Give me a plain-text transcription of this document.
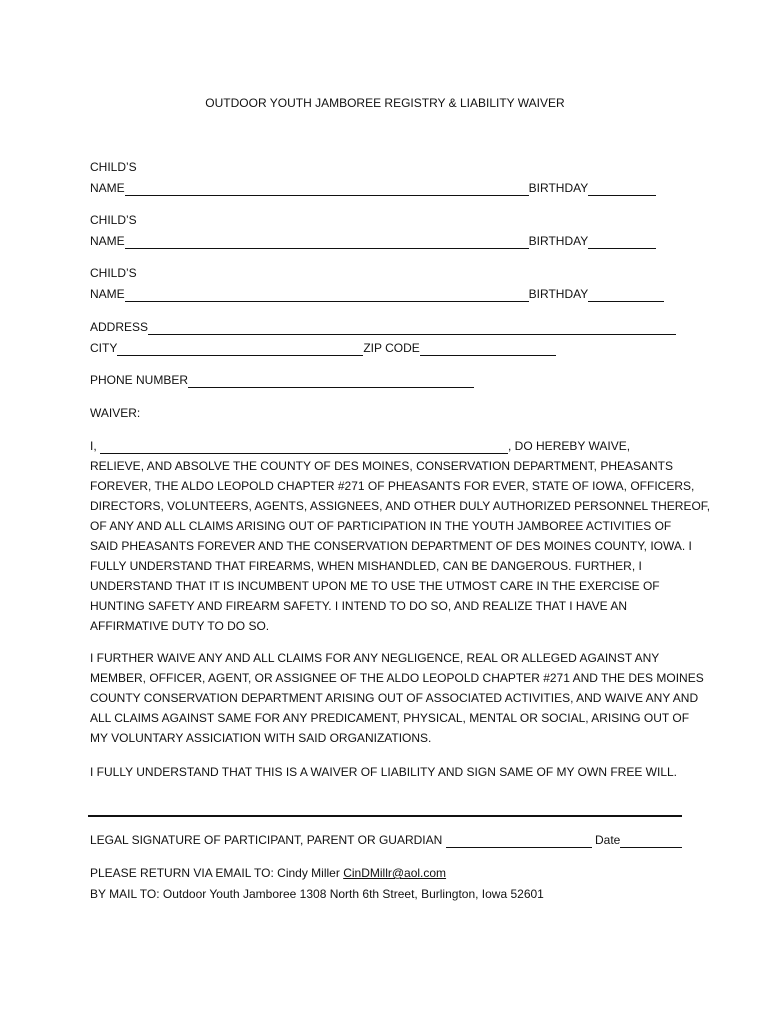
OUTDOOR YOUTH JAMBOREE REGISTRY & LIABILITY WAIVER
CHILD’S
NAME	BIRTHDAY
CHILD’S
NAME	BIRTHDAY
CHILD’S
NAME	BIRTHDAY
ADDRESS
CITY	ZIP CODE
PHONE NUMBER
WAIVER:
I,	, DO HEREBY WAIVE,
RELIEVE, AND ABSOLVE THE COUNTY OF DES MOINES, CONSERVATION DEPARTMENT, PHEASANTS
FOREVER, THE ALDO LEOPOLD CHAPTER #271 OF PHEASANTS FOR EVER, STATE OF IOWA, OFFICERS,
DIRECTORS, VOLUNTEERS, AGENTS, ASSIGNEES, AND OTHER DULY AUTHORIZED PERSONNEL THEREOF,
OF ANY AND ALL CLAIMS ARISING OUT OF PARTICIPATION IN THE YOUTH JAMBOREE ACTIVITIES OF
SAID PHEASANTS FOREVER AND THE CONSERVATION DEPARTMENT OF DES MOINES COUNTY, IOWA. I
FULLY UNDERSTAND THAT FIREARMS, WHEN MISHANDLED, CAN BE DANGEROUS. FURTHER, I
UNDERSTAND THAT IT IS INCUMBENT UPON ME TO USE THE UTMOST CARE IN THE EXERCISE OF
HUNTING SAFETY AND FIREARM SAFETY. I INTEND TO DO SO, AND REALIZE THAT I HAVE AN
AFFIRMATIVE DUTY TO DO SO.
I FURTHER WAIVE ANY AND ALL CLAIMS FOR ANY NEGLIGENCE, REAL OR ALLEGED AGAINST ANY
MEMBER, OFFICER, AGENT, OR ASSIGNEE OF THE ALDO LEOPOLD CHAPTER #271 AND THE DES MOINES
COUNTY CONSERVATION DEPARTMENT ARISING OUT OF ASSOCIATED ACTIVITIES, AND WAIVE ANY AND
ALL CLAIMS AGAINST SAME FOR ANY PREDICAMENT, PHYSICAL, MENTAL OR SOCIAL, ARISING OUT OF
MY VOLUNTARY ASSICIATION WITH SAID ORGANIZATIONS.
I FULLY UNDERSTAND THAT THIS IS A WAIVER OF LIABILITY AND SIGN SAME OF MY OWN FREE WILL.
LEGAL SIGNATURE OF PARTICIPANT, PARENT OR GUARDIAN	Date
PLEASE RETURN VIA EMAIL TO: Cindy Miller CinDMillr@aol.com
BY MAIL TO: Outdoor Youth Jamboree 1308 North 6th Street, Burlington, Iowa 52601
